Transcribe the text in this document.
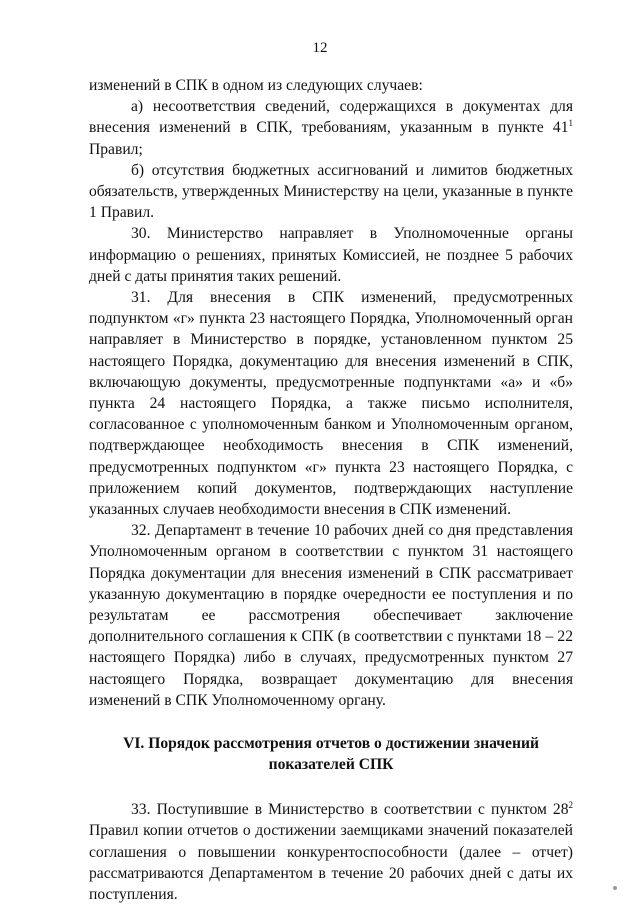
12

изменений в СПК в одном из следующих случаев:

а) несоответствия сведений, содержащихся в документах для внесения изменений в СПК, требованиям, указанным в пункте $41^1$ Правил;

б) отсутствия бюджетных ассигнований и лимитов бюджетных обязательств, утвержденных Министерству на цели, указанные в пункте 1 Правил.

30. Министерство направляет в Уполномоченные органы информацию о решениях, принятых Комиссией, не позднее 5 рабочих дней с даты принятия таких решений.

31. Для внесения в СПК изменений, предусмотренных подпунктом «г» пункта 23 настоящего Порядка, Уполномоченный орган направляет в Министерство в порядке, установленном пунктом 25 настоящего Порядка, документацию для внесения изменений в СПК, включающую документы, предусмотренные подпунктами «а» и «б» пункта 24 настоящего Порядка, а также письмо исполнителя, согласованное с уполномоченным банком и Уполномоченным органом, подтверждающее необходимость внесения в СПК изменений, предусмотренных подпунктом «г» пункта 23 настоящего Порядка, с приложением копий документов, подтверждающих наступление указанных случаев необходимости внесения в СПК изменений.

32. Департамент в течение 10 рабочих дней со дня представления Уполномоченным органом в соответствии с пунктом 31 настоящего Порядка документации для внесения изменений в СПК рассматривает указанную документацию в порядке очередности ее поступления и по результатам ее рассмотрения обеспечивает заключение дополнительного соглашения к СПК (в соответствии с пунктами 18 – 22 настоящего Порядка) либо в случаях, предусмотренных пунктом 27 настоящего Порядка, возвращает документацию для внесения изменений в СПК Уполномоченному органу.

VI. Порядок рассмотрения отчетов о достижении значений
показателей СПК

33. Поступившие в Министерство в соответствии с пунктом $28^2$ Правил копии отчетов о достижении заемщиками значений показателей соглашения о повышении конкурентоспособности (далее – отчет) рассматриваются Департаментом в течение 20 рабочих дней с даты их поступления.
